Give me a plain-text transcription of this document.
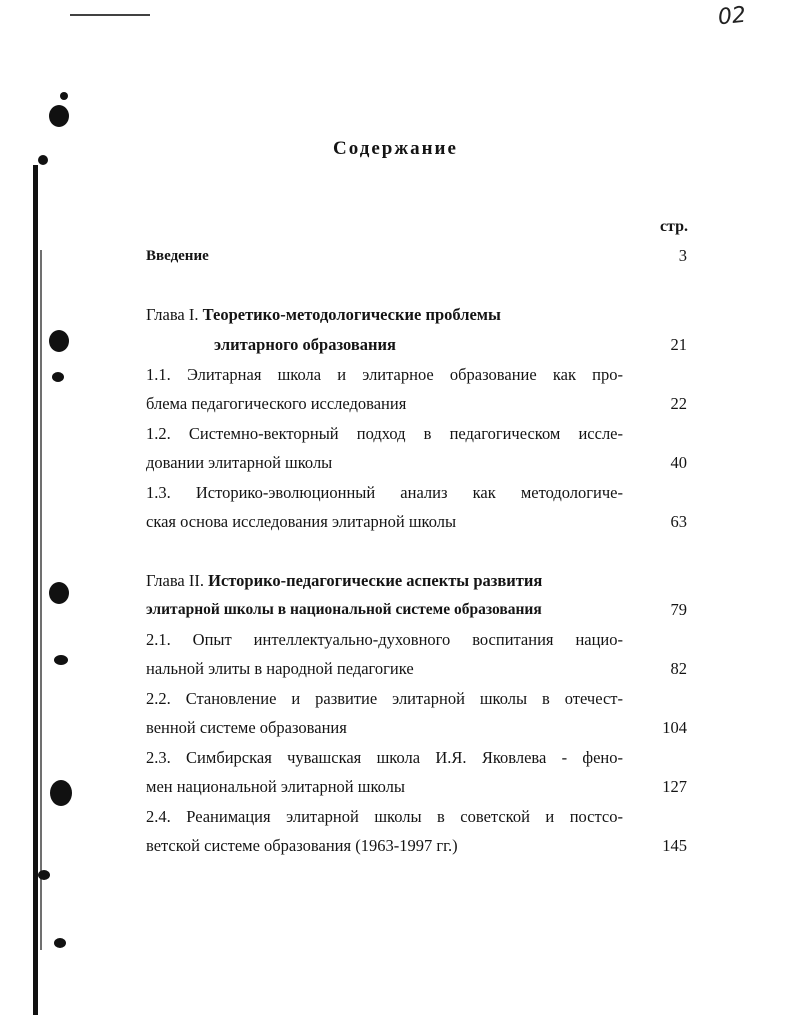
02
Содержание
стр.
Введение	3
Глава I. Теоретико-методологические проблемы
элитарного образования	21
1.1. Элитарная школа и элитарное образование как про-
блема педагогического исследования	22
1.2. Системно-векторный подход в педагогическом иссле-
довании элитарной школы	40
1.3. Историко-эволюционный анализ как методологиче-
ская основа исследования элитарной школы	63
Глава II. Историко-педагогические аспекты развития
элитарной школы в национальной системе образования	79
2.1. Опыт интеллектуально-духовного воспитания нацио-
нальной элиты в народной педагогике	82
2.2. Становление и развитие элитарной школы в отечест-
венной системе образования	104
2.3. Симбирская чувашская школа И.Я. Яковлева - фено-
мен национальной элитарной школы	127
2.4. Реанимация элитарной школы в советской и постсо-
ветской системе образования (1963-1997 гг.)	145
